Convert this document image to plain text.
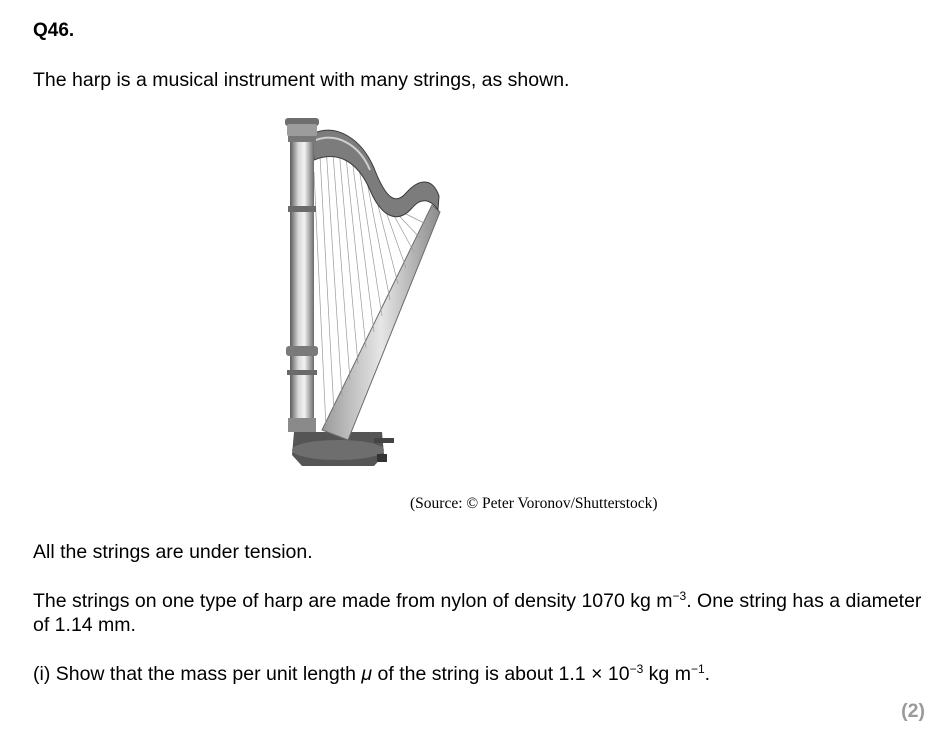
Q46.
The harp is a musical instrument with many strings, as shown.
(Source: © Peter Voronov/Shutterstock)
All the strings are under tension.
The strings on one type of harp are made from nylon of density 1070 kg $m^{-3}$. One string has a diameter of 1.14 mm.
(i) Show that the mass per unit length μ of the string is about $1.1 \times 10^{-3}$ kg $m^{-1}$.
(2)
